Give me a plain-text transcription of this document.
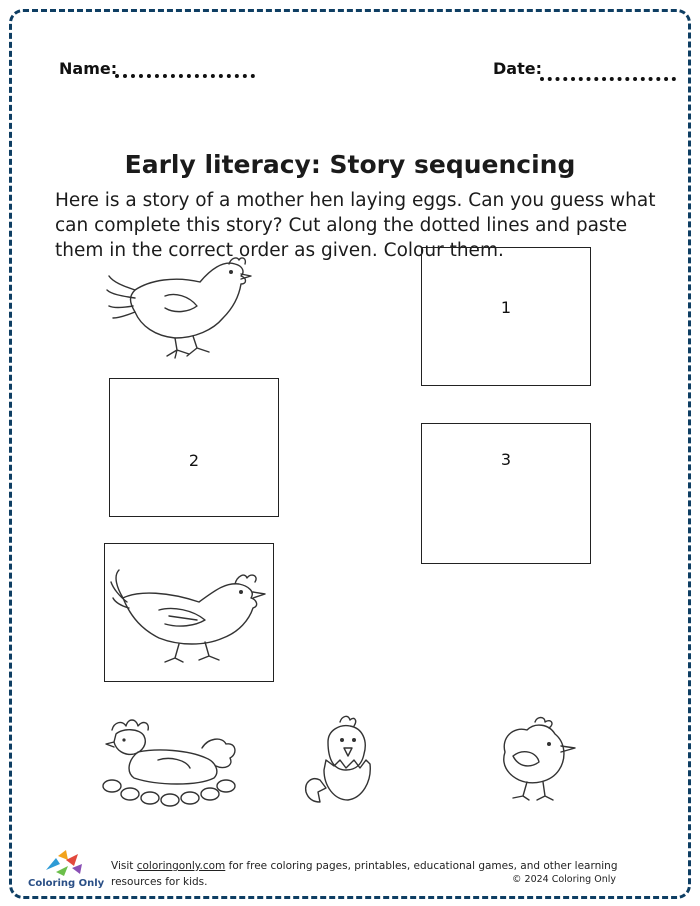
Name:	Date:
Early literacy: Story sequencing
Here is a story of a mother hen laying eggs. Can you guess what can complete this story? Cut along the dotted lines and paste them in the correct order as given. Colour them.
1
2	3
Coloring Only
Visit coloringonly.com for free coloring pages, printables, educational games, and other learning resources for kids.	© 2024 Coloring Only
